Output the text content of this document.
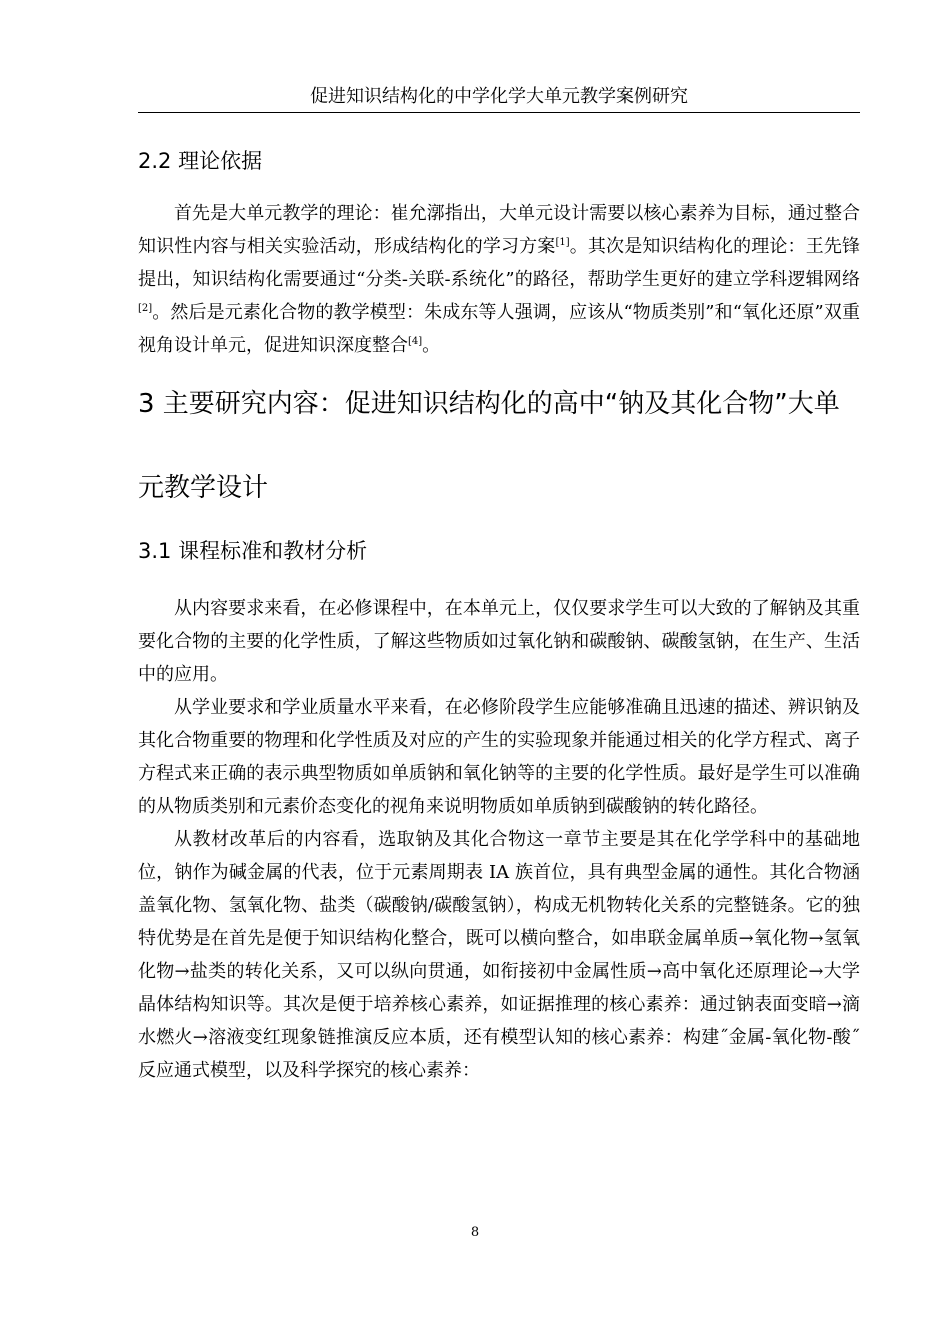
促进知识结构化的中学化学大单元教学案例研究
2.2 理论依据

首先是大单元教学的理论：崔允漷指出，大单元设计需要以核心素养为目标，通过整合知识性内容与相关实验活动，形成结构化的学习方案[1]。其次是知识结构化的理论：王先锋提出，知识结构化需要通过“分类-关联-系统化”的路径，帮助学生更好的建立学科逻辑网络[2]。然后是元素化合物的教学模型：朱成东等人强调，应该从“物质类别”和“氧化还原”双重视角设计单元，促进知识深度整合[4]。

3 主要研究内容：促进知识结构化的高中“钠及其化合物”大单元教学设计
3.1 课程标准和教材分析

从内容要求来看，在必修课程中，在本单元上，仅仅要求学生可以大致的了解钠及其重要化合物的主要的化学性质，了解这些物质如过氧化钠和碳酸钠、碳酸氢钠，在生产、生活中的应用。

从学业要求和学业质量水平来看，在必修阶段学生应能够准确且迅速的描述、辨识钠及其化合物重要的物理和化学性质及对应的产生的实验现象并能通过相关的化学方程式、离子方程式来正确的表示典型物质如单质钠和氧化钠等的主要的化学性质。最好是学生可以准确的从物质类别和元素价态变化的视角来说明物质如单质钠到碳酸钠的转化路径。

从教材改革后的内容看，选取钠及其化合物这一章节主要是其在化学学科中的基础地位，钠作为碱金属的代表，位于元素周期表 IA 族首位，具有典型金属的通性。其化合物涵盖氧化物、氢氧化物、盐类（碳酸钠/碳酸氢钠），构成无机物转化关系的完整链条。它的独特优势是在首先是便于知识结构化整合，既可以横向整合，如串联金属单质→氧化物→氢氧化物→盐类的转化关系，又可以纵向贯通，如衔接初中金属性质→高中氧化还原理论→大学晶体结构知识等。其次是便于培养核心素养，如证据推理的核心素养：通过钠表面变暗→滴水燃火→溶液变红现象链推演反应本质，还有模型认知的核心素养：构建˝金属-氧化物-酸˝反应通式模型，以及科学探究的核心素养：

8
